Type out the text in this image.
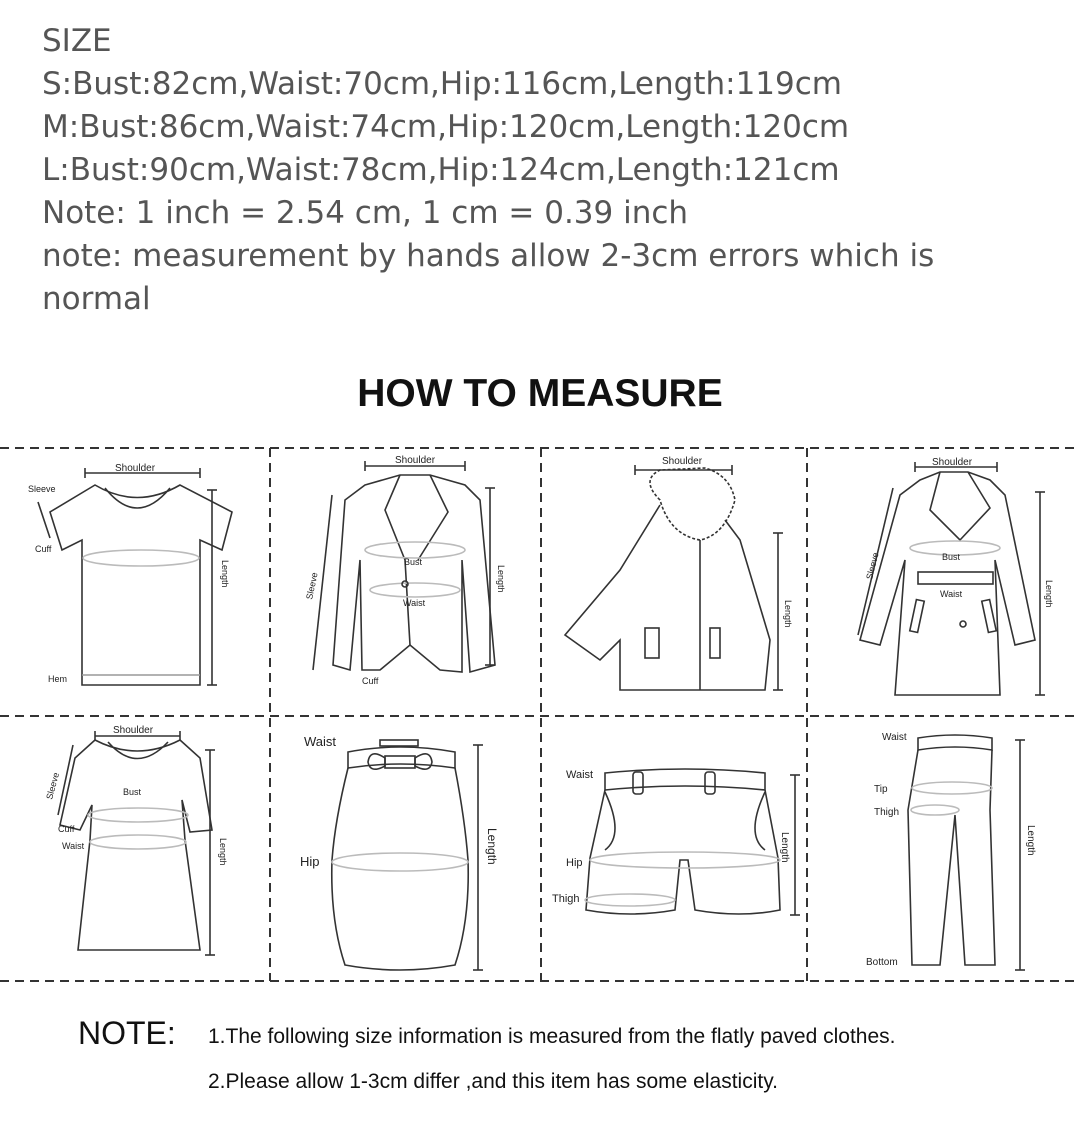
SIZE
S:Bust:82cm,Waist:70cm,Hip:116cm,Length:119cm
M:Bust:86cm,Waist:74cm,Hip:120cm,Length:120cm
L:Bust:90cm,Waist:78cm,Hip:124cm,Length:121cm
Note: 1 inch = 2.54 cm, 1 cm = 0.39 inch
note: measurement by hands allow 2-3cm errors which is normal
HOW TO MEASURE
Shoulder
Sleeve
Cuff
Hem
Length
Shoulder
Bust
Waist
Cuff
Sleeve	Length
Shoulder
Length
Shoulder
Bust
Waist
Sleeve
Length
Shoulder
Bust
Cuff
Waist
Sleeve
Length
Waist
Hip	Length
Waist
Hip
Thigh
Length
Waist
Tip
Thigh
Bottom
Length
NOTE: 1.The following size information is measured from the flatly paved clothes.
2.Please allow 1-3cm differ ,and this item has some elasticity.
